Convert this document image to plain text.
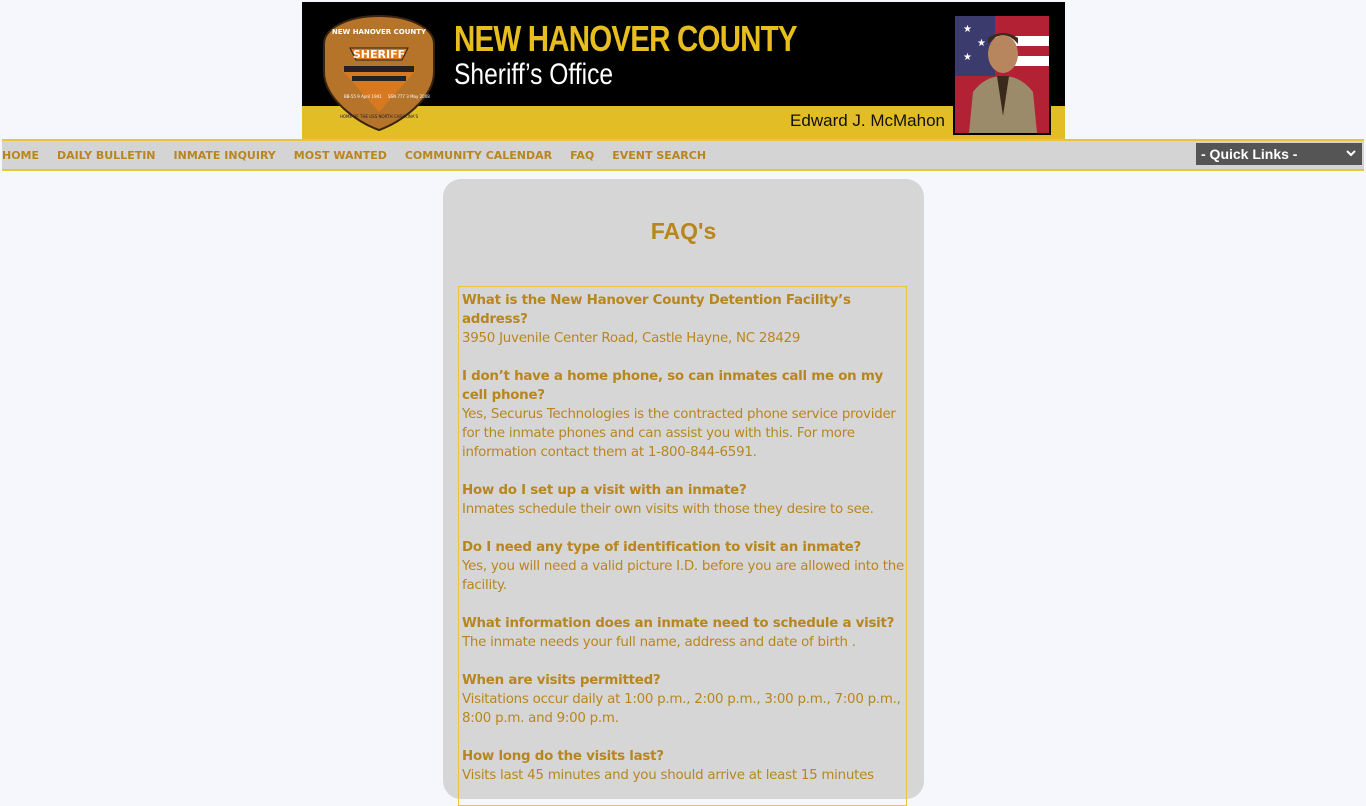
SHERIFF
NEW HANOVER COUNTY
BB-55 9 April 1941 SSN 777 3 May 2008
HOME OF THE USS NORTH CAROLINA'S
NEW HANOVER COUNTY
Sheriff’s Office
Edward J. McMahon
★
★
★
HOME DAILY BULLETIN INMATE INQUIRY MOST WANTED COMMUNITY CALENDAR FAQ EVENT SEARCH	- Quick Links -
FAQ's
What is the New Hanover County Detention Facility’s address?
3950 Juvenile Center Road, Castle Hayne, NC 28429
I don’t have a home phone, so can inmates call me on my cell phone?
Yes, Securus Technologies is the contracted phone service provider for the inmate phones and can assist you with this. For more information contact them at 1-800-844-6591.
How do I set up a visit with an inmate?
Inmates schedule their own visits with those they desire to see.
Do I need any type of identification to visit an inmate?
Yes, you will need a valid picture I.D. before you are allowed into the facility.
What information does an inmate need to schedule a visit?
The inmate needs your full name, address and date of birth .
When are visits permitted?
Visitations occur daily at 1:00 p.m., 2:00 p.m., 3:00 p.m., 7:00 p.m., 8:00 p.m. and 9:00 p.m.
How long do the visits last?
Visits last 45 minutes and you should arrive at least 15 minutes
